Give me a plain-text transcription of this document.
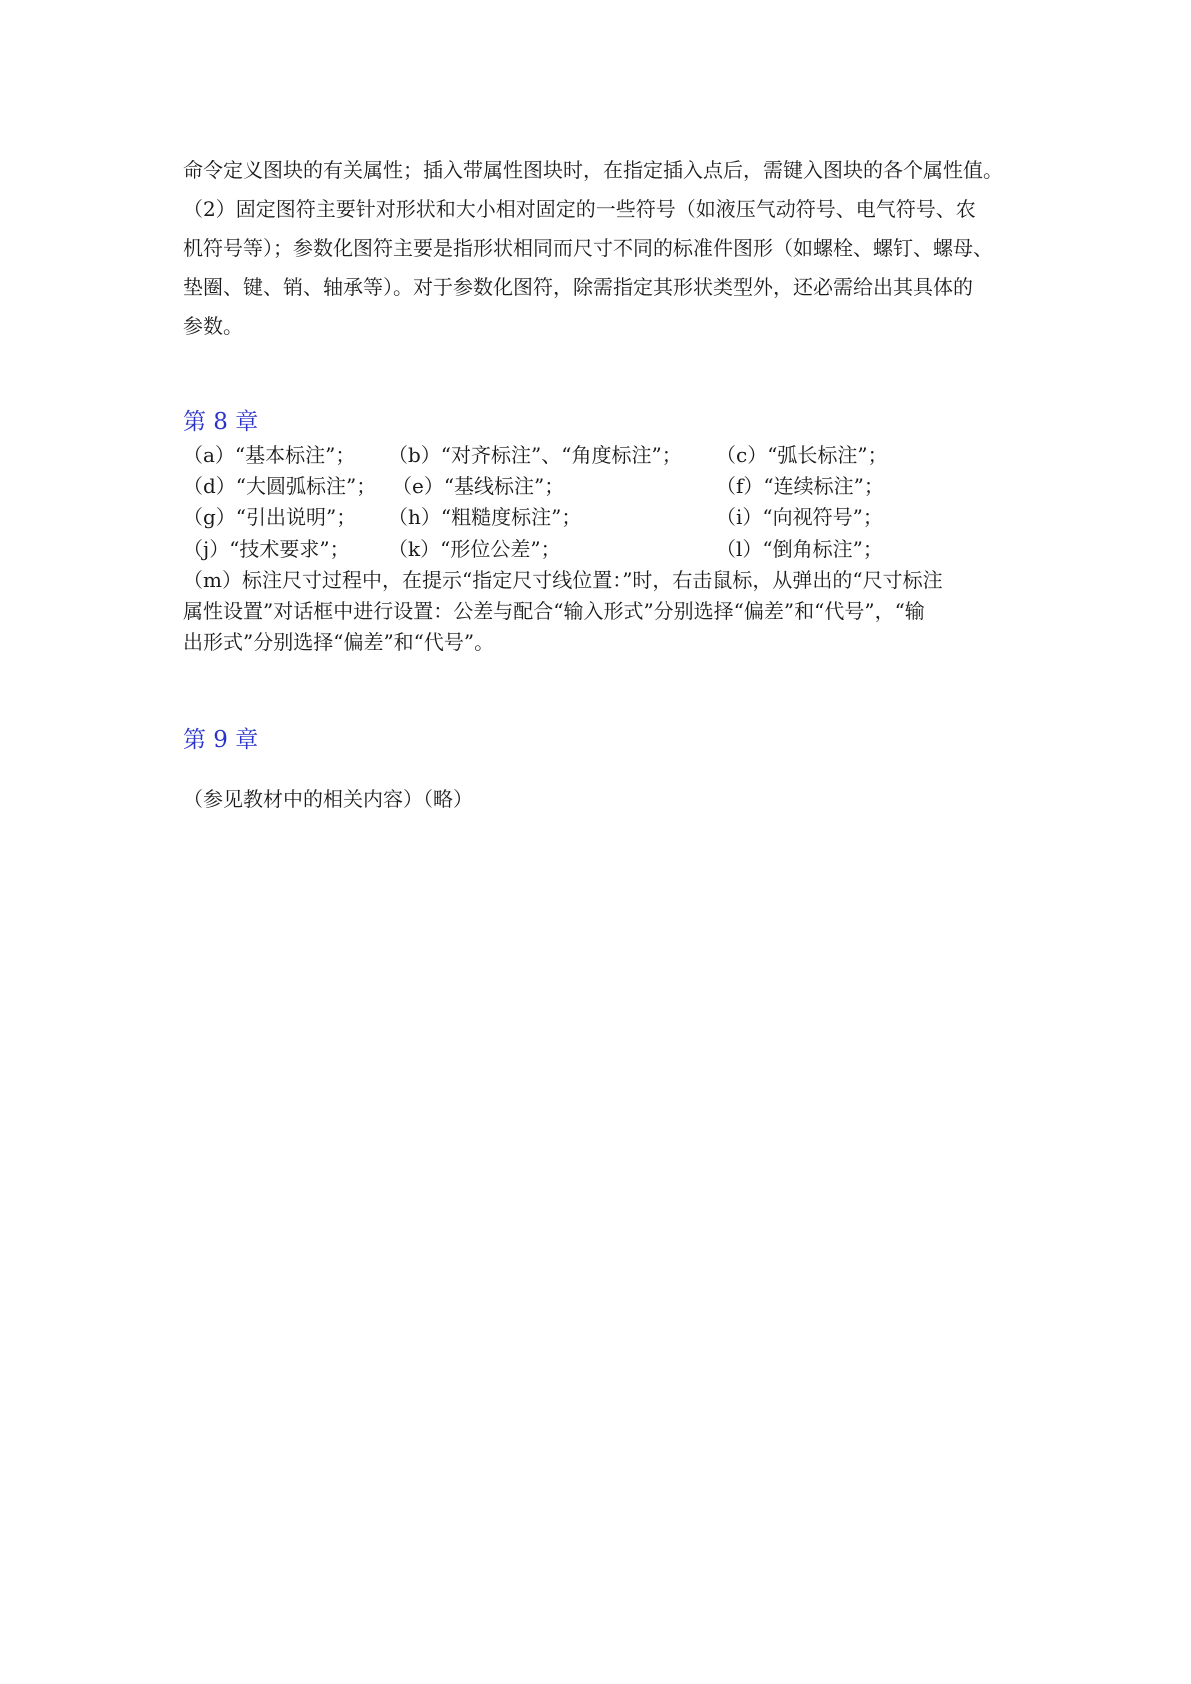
命令定义图块的有关属性；插入带属性图块时，在指定插入点后，需键入图块的各个属性值。
（2）固定图符主要针对形状和大小相对固定的一些符号（如液压气动符号、电气符号、农
机符号等）；参数化图符主要是指形状相同而尺寸不同的标准件图形（如螺栓、螺钉、螺母、
垫圈、键、销、轴承等）。对于参数化图符，除需指定其形状类型外，还必需给出其具体的
参数。
第 8 章
（a）“基本标注”； （b）“对齐标注”、“角度标注”； （c）“弧长标注”；
（d）“大圆弧标注”； （e）“基线标注”；	（f）“连续标注”；
（g）“引出说明”； （h）“粗糙度标注”；	（i）“向视符号”；
（j）“技术要求”； （k）“形位公差”；	（l）“倒角标注”；
（m）标注尺寸过程中，在提示“指定尺寸线位置：”时，右击鼠标，从弹出的“尺寸标注
属性设置”对话框中进行设置：公差与配合“输入形式”分别选择“偏差”和“代号”，“输
出形式”分别选择“偏差”和“代号”。
第 9 章
（参见教材中的相关内容）（略）
